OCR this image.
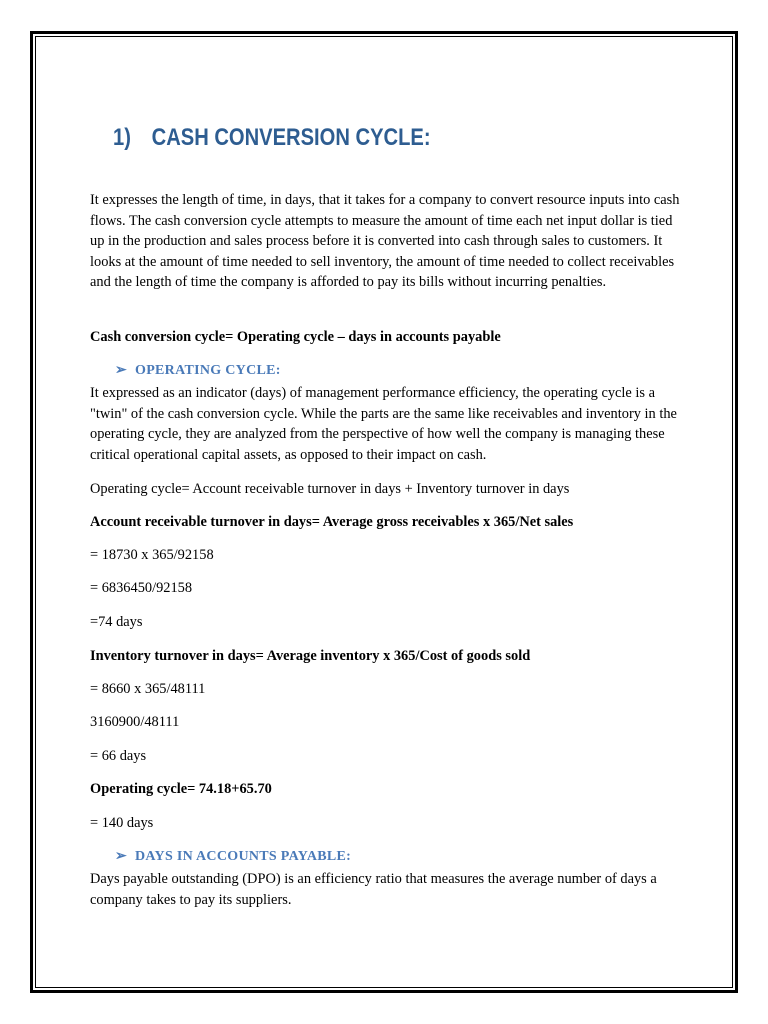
1) CASH CONVERSION CYCLE:

It expresses the length of time, in days, that it takes for a company to convert resource inputs into cash flows. The cash conversion cycle attempts to measure the amount of time each net input dollar is tied up in the production and sales process before it is converted into cash through sales to customers. It looks at the amount of time needed to sell inventory, the amount of time needed to collect receivables and the length of time the company is afforded to pay its bills without incurring penalties.

Cash conversion cycle= Operating cycle – days in accounts payable

➢ OPERATING CYCLE:

It expressed as an indicator (days) of management performance efficiency, the operating cycle is a "twin" of the cash conversion cycle. While the parts are the same like receivables and inventory in the operating cycle, they are analyzed from the perspective of how well the company is managing these critical operational capital assets, as opposed to their impact on cash.

Operating cycle= Account receivable turnover in days + Inventory turnover in days

Account receivable turnover in days= Average gross receivables x 365/Net sales

= 18730 x 365/92158

= 6836450/92158

=74 days

Inventory turnover in days= Average inventory x 365/Cost of goods sold

= 8660 x 365/48111

3160900/48111

= 66 days

Operating cycle= 74.18+65.70

= 140 days

➢ DAYS IN ACCOUNTS PAYABLE:

Days payable outstanding (DPO) is an efficiency ratio that measures the average number of days a company takes to pay its suppliers.
